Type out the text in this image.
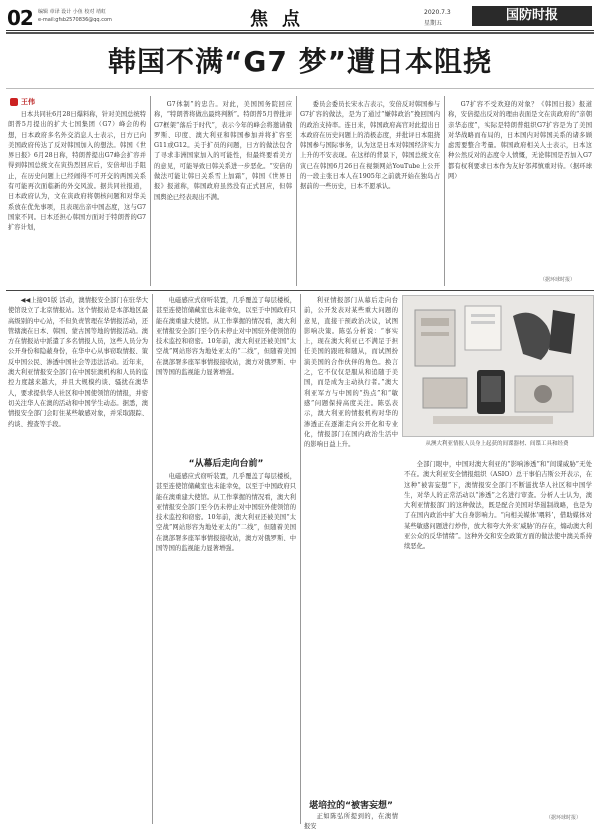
02 编辑 章译 设计 小鱼 校对 靖虹
e-mail:gfsb2570836@qq.com	焦点	2020.7.3
星期五
国防时报
韩国不满“G7 梦”遭日本阻挠
王伟

日本共同社6月28日爆料称，针对美国总统特朗普5月提出的扩大七国集团（G7）峰会的构想，日本政府多名外交消息人士表示，日方已向美国政府传达了反对韩国加入的想法。韩国《世界日报》6月28日称，特朗普提出G7峰会扩容并得到韩国总统文在寅热烈回应后，安倍却出手阻止，在历史问题上已经闹得不可开交的两国关系有可能再次面临新的外交风波。据共同社报道，日本政府认为，文在寅政府将朝核问题和对华关系放在优先事项，且表现出亲中国态度，这与G7国家不同。日本还担心韩国方面对于特朗普的G7扩容计划，

G7体制”的忠告。对此，美国国务院回应称，“特朗普将做出最终判断”。特朗普5月曾批评G7框架“落后于时代”，表示今年的峰会将邀请俄罗斯、印度、澳大利亚和韩国参加并将扩容至G11或G12。关于扩员的问题，日方的做法包含了寻求非洲国家加入的可能性，但最终要看美方的意见，可能导致日韩关系进一步恶化。“安倍的做法可能让韩日关系雪上加霜”，韩国《世界日报》报道称，韩国政府虽然没有正式回应，但韩国舆论已经表现出不满。

委员会委员长宋永吉表示，安倍反对韩国参与G7扩容的做法，是为了通过“嫌韩政治”挽回国内的政治支持率。连日来，韩国政府高官对此提出日本政府在历史问题上的消极态度，并批评日本阻挠韩国参与国际事务，认为这是日本对韩国经济实力上升的不安表现。在这样的背景下，韩国总统文在寅已在韩国6月26日在视频网站YouTube上公开的一段主张日本人在1905年之前就开始在独岛占据前的一些历史，日本不愿承认。

G7扩容不受欢迎的对象？《韩国日报》报道称，安倍提出反对的理由表面是文在寅政府的“亲朝亲华态度”，实际是特朗普组织G7扩容是为了美国对华战略而布局的，日本国内对韩国关系的诸多顾虑需要整合考量。韩国政府相关人士表示，日本这种公然反对的态度令人愤慨，无论韩国是否加入G7都有权利要求日本作为友好邻邦慎重对待。（据环球网）

（据环球时报）

◀◀上接01版 活动，澳情报安全部门在驻华大使馆设立了北京情报站。这个情报站是本部地区最高级别的中心站，不但负责管理在华情报活动，还管辖澳在日本、韩国、蒙古国等地的情报活动。澳方在情报站中派遣了多名情报人员，这些人员分为公开身份和隐蔽身份，在华中心从事窃取情报、策反中国公民、渗透中国社会等违法活动。近年来，澳大利亚情报安全部门在中国驻澳机构和人员的监控力度越来越大，并且大规模约谈、骚扰在澳华人，要求提供华人社区和中国使领馆的情报，并密切关注华人在澳的活动和中国学生动态。据悉，澳情报安全部门会盯住某些敏感对象，并采取跟踪、约谈、搜查等手段。

电磁感应式窃听装置，几乎覆盖了每层楼板，甚至连使馆储藏室也未能幸免，以至于中国政府只能在澳重建大使馆。从工作掌握的情况看，澳大利亚情报安全部门至今仍未停止对中国驻外使领馆的技术监控和窃密。10年前，澳大利亚还被美国“太空战”网站形容为地处亚太的“二线”，但随着美国在澳部署多座军事情报接收站，澳方对俄罗斯、中国等国的监视能力显著增强。

“从幕后走向台前”

电磁感应式窃听装置，几乎覆盖了每层楼板，甚至连使馆储藏室也未能幸免，以至于中国政府只能在澳重建大使馆。从工作掌握的情况看，澳大利亚情报安全部门至今仍未停止对中国驻外使领馆的技术监控和窃密。10年前，澳大利亚还被美国“太空战”网站形容为地处亚太的“二线”，但随着美国在澳部署多座军事情报接收站，澳方对俄罗斯、中国等国的监视能力显著增强。

利亚情报部门从幕后走向台前，公开发表对某些重大问题的意见，直接干预政治决议，试图影响决策。陈弘分析说：“事实上，现在澳大利亚已不满足于担任美国的跟班和随从，而试图扮演美国的合作伙伴的角色。换言之，它不仅仅是服从和追随于美国，而是成为主动执行者。”澳大利亚军方与中国的“热点”和“敏感”问题保持高度关注。陈弘表示，澳大利亚的情报机构对华的渗透正在逐渐走向公开化和专业化，情报部门在国内政治生活中的影响日益上升。

堪培拉的“被害妄想”

正如陈弘所提到的，在澳情报安

从澳大利亚情报人员身上起获的间谍器材、间谍工具和经费

全部门眼中，中国对澳大利亚的“影响渗透”和“间谍威胁”无处不在。澳大利亚安全情报组织（ASIO）总干事伯吉斯公开表示，在这种“被害妄想”下，澳情报安全部门不断滋扰华人社区和中国学生，对华人的正常活动以“渗透”之名进行审查。分析人士认为，澳大利亚情报部门的这种做法，既是配合美国对华遏制战略，也是为了在国内政治中扩大自身影响力。“向相关媒体‘喂料’，借助媒体对某些敏感问题进行炒作，放大和夸大外来‘威胁’的存在，煽动澳大利亚公众的反华情绪”。这种外交和安全政策方面的做法使中澳关系持续恶化。

（据环球时报）
